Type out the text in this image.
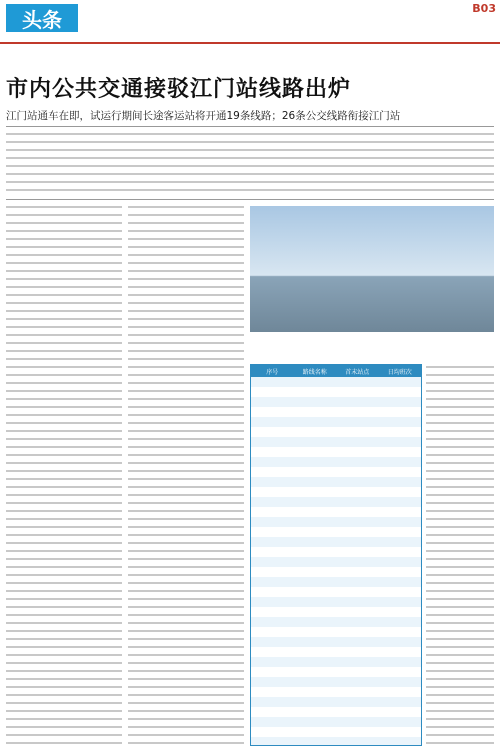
头条	B03
市内公共交通接驳江门站线路出炉
江门站通车在即，试运行期间长途客运站将开通19条线路；26条公交线路衔接江门站
序号	路线名称	首末站点	日均班次
